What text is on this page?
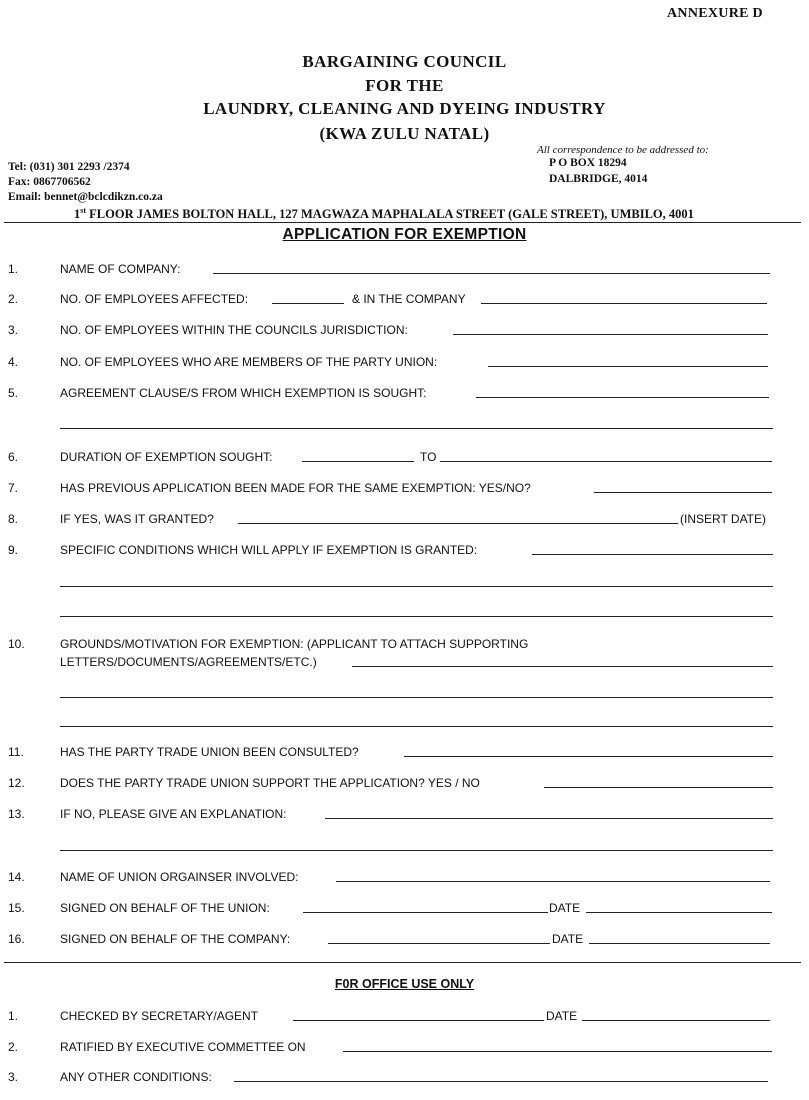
ANNEXURE D
BARGAINING COUNCIL
FOR THE
LAUNDRY, CLEANING AND DYEING INDUSTRY
(KWA ZULU NATAL)
All correspondence to be addressed to:
P O BOX 18294
DALBRIDGE, 4014
Tel: (031) 301 2293 /2374
Fax: 0867706562
Email: bennet@bclcdikzn.co.za
1st FLOOR JAMES BOLTON HALL, 127 MAGWAZA MAPHALALA STREET (GALE STREET), UMBILO, 4001
APPLICATION FOR EXEMPTION
1.	NAME OF COMPANY:
2.	NO. OF EMPLOYEES AFFECTED:	& IN THE COMPANY
3.	NO. OF EMPLOYEES WITHIN THE COUNCILS JURISDICTION:
4.	NO. OF EMPLOYEES WHO ARE MEMBERS OF THE PARTY UNION:
5.	AGREEMENT CLAUSE/S FROM WHICH EXEMPTION IS SOUGHT:
6.	DURATION OF EXEMPTION SOUGHT:	TO
7.	HAS PREVIOUS APPLICATION BEEN MADE FOR THE SAME EXEMPTION: YES/NO?
8.	IF YES, WAS IT GRANTED?	(INSERT DATE)
9.	SPECIFIC CONDITIONS WHICH WILL APPLY IF EXEMPTION IS GRANTED:
10.	GROUNDS/MOTIVATION FOR EXEMPTION: (APPLICANT TO ATTACH SUPPORTING
LETTERS/DOCUMENTS/AGREEMENTS/ETC.)
11.	HAS THE PARTY TRADE UNION BEEN CONSULTED?
12.	DOES THE PARTY TRADE UNION SUPPORT THE APPLICATION? YES / NO
13.	IF NO, PLEASE GIVE AN EXPLANATION:
14.	NAME OF UNION ORGAINSER INVOLVED:
15.	SIGNED ON BEHALF OF THE UNION:	DATE
16.	SIGNED ON BEHALF OF THE COMPANY:	DATE
F0R OFFICE USE ONLY
1.	CHECKED BY SECRETARY/AGENT	DATE
2.	RATIFIED BY EXECUTIVE COMMETTEE ON
3.	ANY OTHER CONDITIONS:
